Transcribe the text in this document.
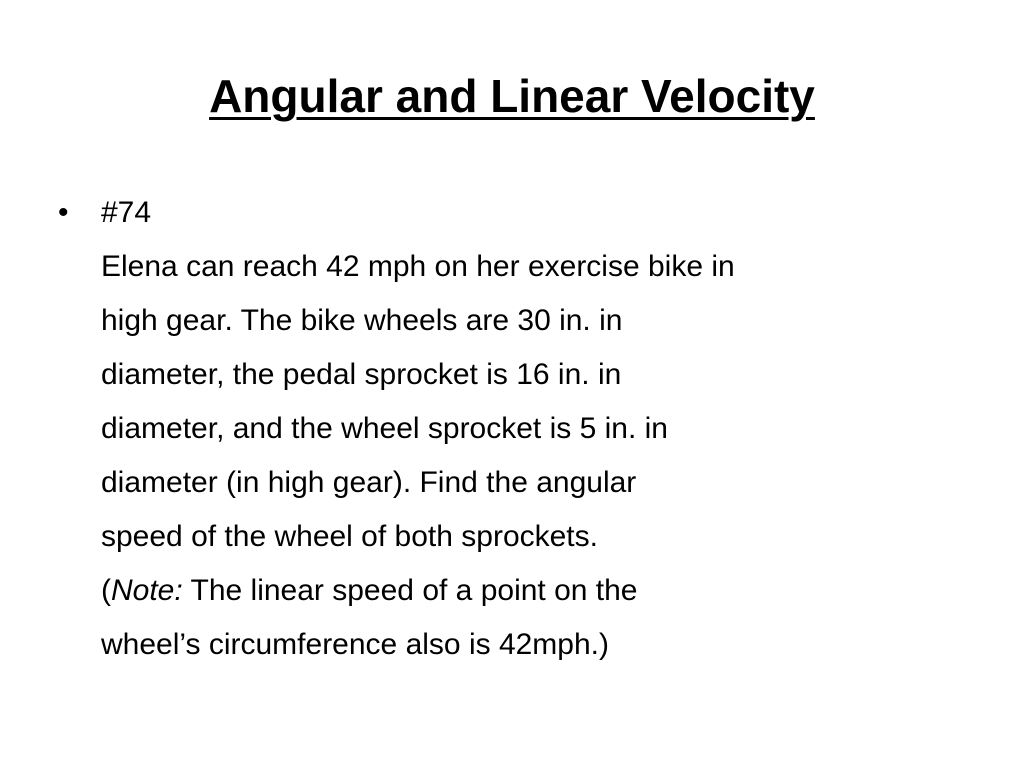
Angular and Linear Velocity
•	#74
Elena can reach 42 mph on her exercise bike in
high gear. The bike wheels are 30 in. in
diameter, the pedal sprocket is 16 in. in
diameter, and the wheel sprocket is 5 in. in
diameter (in high gear). Find the angular
speed of the wheel of both sprockets.
(Note: The linear speed of a point on the
wheel’s circumference also is 42mph.)
